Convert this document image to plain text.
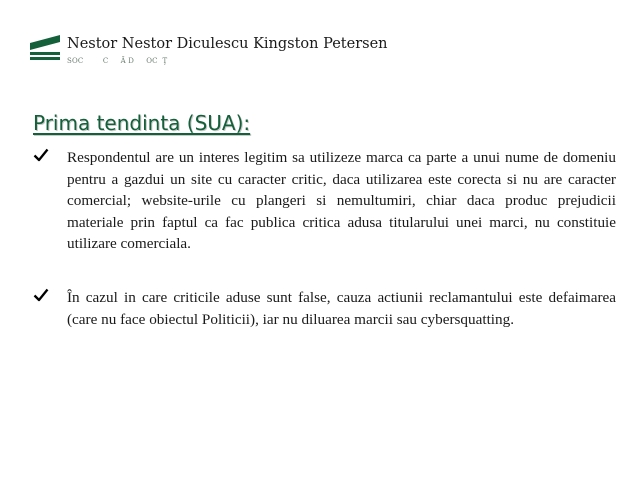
Nestor Nestor Diculescu Kingston Petersen
SOC        C     Ă D     OC  Ţ
Prima tendinta (SUA):

Respondentul are un interes legitim sa utilizeze marca ca parte a unui nume de domeniu pentru a gazdui un site cu caracter critic, daca utilizarea este corecta si nu are caracter comercial; website-urile cu plangeri si nemultumiri, chiar daca produc prejudicii materiale prin faptul ca fac publica critica adusa titularului unei marci, nu constituie utilizare comerciala.

În cazul in care criticile aduse sunt false, cauza actiunii reclamantului este defaimarea (care nu face obiectul Politicii), iar nu diluarea marcii sau cybersquatting.
